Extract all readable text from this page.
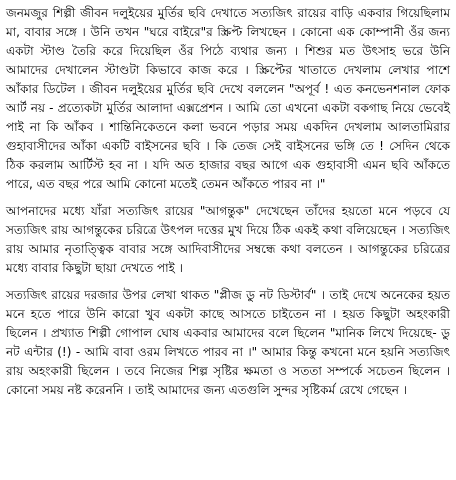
জনমজুর শিল্পী জীবন দলুইয়ের মুর্তির ছবি দেখাতে সত্যজিৎ রায়ের বাড়ি একবার গিয়েছিলাম মা, বাবার সঙ্গে । উনি তখন "ঘরে বাইরে"র স্ক্রিপ্ট লিখছেন । কোনো এক কোম্পানী ওঁর জন্য একটা স্টাণ্ড তৈরি করে দিয়েছিল ওঁর পিঠে ব্যথার জন্য । শিশুর মত উৎসাহ ভরে উনি আমাদের দেখালেন স্টাণ্ডটা কিভাবে কাজ করে । স্ক্রিপ্টের খাতাতে দেখলাম লেখার পাশে আঁকার ডিটেল । জীবন দলুইয়ের মুর্তির ছবি দেখে বললেন "অপূর্ব ! এত কনভেনশনাল ফোক আর্ট নয় - প্রত্যেকটা মুর্তির আলাদা এক্সপ্রেশন । আমি তো এখনো একটা বকগাছ নিয়ে ভেবেই পাই না কি আঁকব । শান্তিনিকেতনে কলা ভবনে পড়ার সময় একদিন দেখলাম আলতামিরার গুহাবাসীদের আঁকা একটি বাইসনের ছবি । কি তেজ সেই বাইসনের ভঙ্গি তে ! সেদিন থেকে ঠিক করলাম আর্টিস্ট হব না । যদি অত হাজার বছর আগে এক গুহাবাসী এমন ছবি আঁকতে পারে, এত বছর পরে আমি কোনো মতেই তেমন আঁকতে পারব না ।"

আপনাদের মধ্যে যাঁরা সত্যজিৎ রায়ের "আগন্তুক" দেখেছেন তাঁদের হয়তো মনে পড়বে যে সত্যজিৎ রায় আগন্তুকের চরিত্রে উৎপল দত্তের মুখ দিয়ে ঠিক একই কথা বলিয়েছেন । সত্যজিৎ রায় আমার নৃতাত্ত্বিক বাবার সঙ্গে আদিবাসীদের সম্বন্ধে কথা বলতেন । আগন্তুকের চরিত্রের মধ্যে বাবার কিছুটা ছায়া দেখতে পাই ।

সত্যজিৎ রায়ের দরজার উপর লেখা থাকত "প্লীজ ডু নট ডিস্টার্ব" । তাই দেখে অনেকের হয়ত মনে হতে পারে উনি কারো খুব একটা কাছে আসতে চাইতেন না । হয়ত কিছুটা অহংকারী ছিলেন । প্রখ্যাত শিল্পী গোপাল ঘোষ একবার আমাদের বলে ছিলেন "মানিক লিখে দিয়েছে- ডু নট এন্টার (!) - আমি বাবা ওরম লিখতে পারব না ।" আমার কিন্তু কখনো মনে হয়নি সত্যজিৎ রায় অহংকারী ছিলেন । তবে নিজের শিল্প সৃষ্টির ক্ষমতা ও সততা সম্পর্কে সচেতন ছিলেন । কোনো সময় নষ্ট করেননি । তাই আমাদের জন্য এতগুলি সুন্দর সৃষ্টিকর্ম রেখে গেছেন ।
